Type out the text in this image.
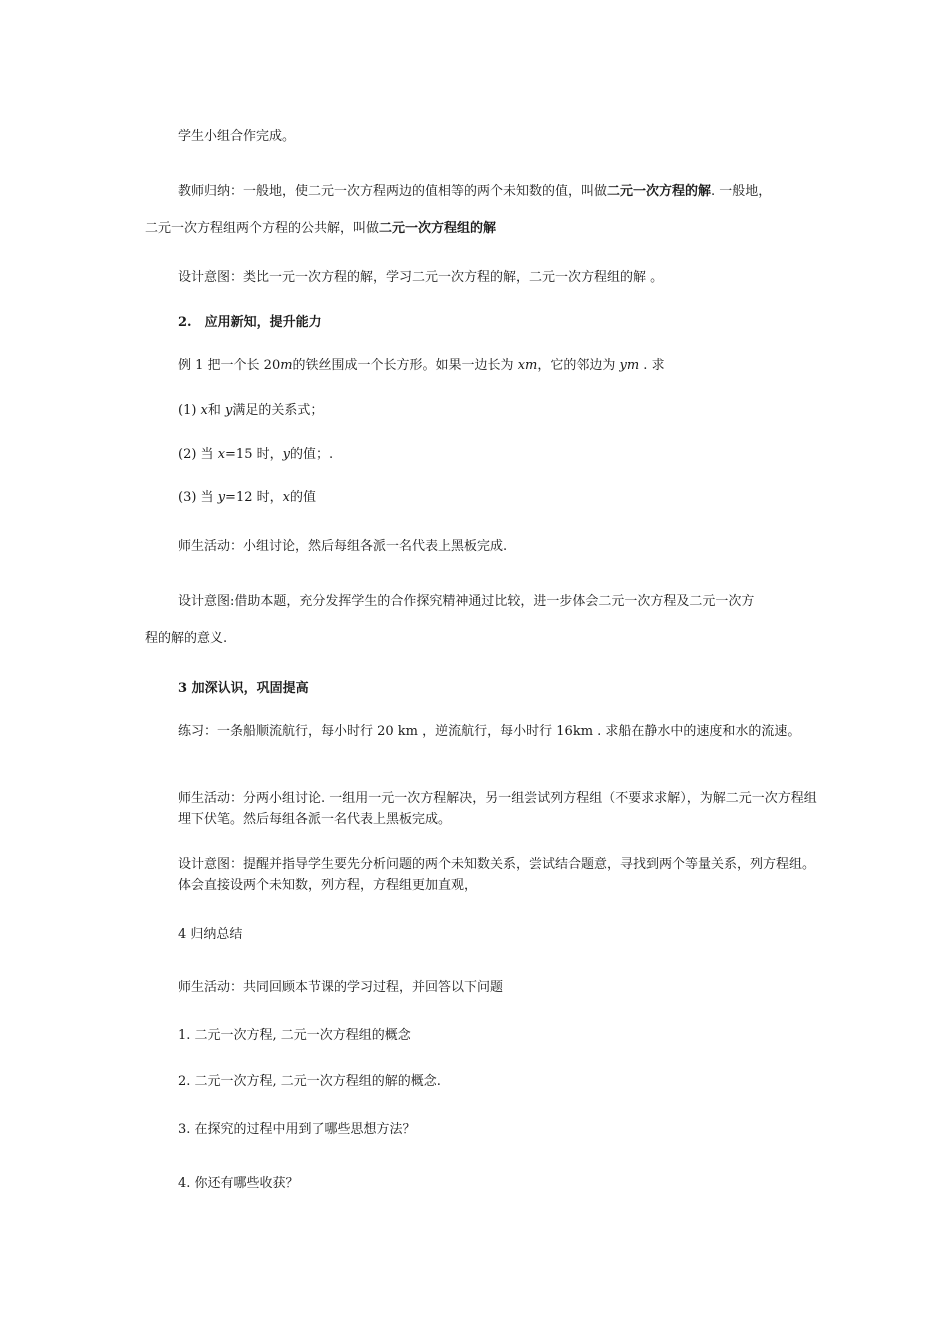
学生小组合作完成。
教师归纳：一般地，使二元一次方程两边的值相等的两个未知数的值，叫做二元一次方程的解. 一般地，
二元一次方程组两个方程的公共解，叫做二元一次方程组的解
设计意图：类比一元一次方程的解，学习二元一次方程的解，二元一次方程组的解 。
2.　应用新知，提升能力
例 1 把一个长 20m的铁丝围成一个长方形。如果一边长为 xm，它的邻边为 ym . 求
(1) x和 y满足的关系式；
(2) 当 x=15 时，y的值；.
(3) 当 y=12 时，x的值
师生活动：小组讨论，然后每组各派一名代表上黑板完成.
设计意图:借助本题，充分发挥学生的合作探究精神通过比较，进一步体会二元一次方程及二元一次方
程的解的意义.
3 加深认识，巩固提高
练习：一条船顺流航行，每小时行 20 km ，逆流航行，每小时行 16km . 求船在静水中的速度和水的流速。
师生活动：分两小组讨论. 一组用一元一次方程解决，另一组尝试列方程组（不要求求解），为解二元一次方程组埋下伏笔。然后每组各派一名代表上黑板完成。
设计意图：提醒并指导学生要先分析问题的两个未知数关系，尝试结合题意，寻找到两个等量关系，列方程组。体会直接设两个未知数，列方程，方程组更加直观，
4 归纳总结
师生活动：共同回顾本节课的学习过程，并回答以下问题
1. 二元一次方程, 二元一次方程组的概念
2. 二元一次方程, 二元一次方程组的解的概念.
3. 在探究的过程中用到了哪些思想方法？
4. 你还有哪些收获？
